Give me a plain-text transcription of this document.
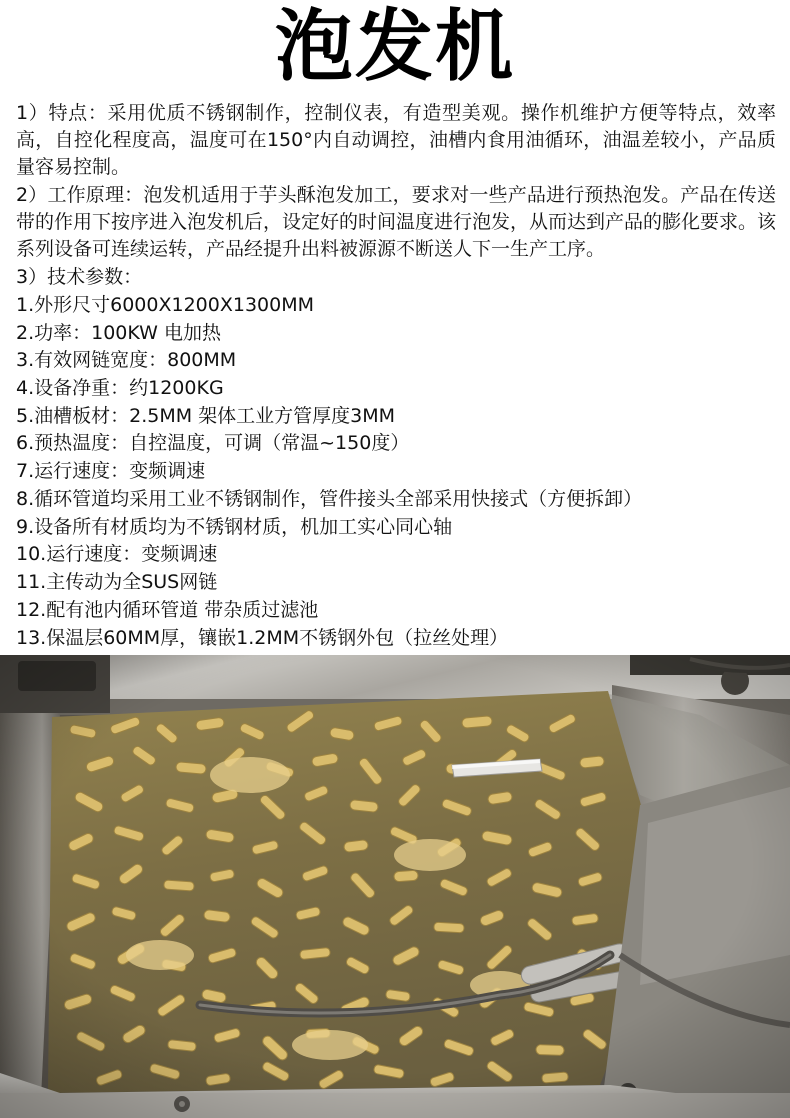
泡发机

1）特点：采用优质不锈钢制作，控制仪表，有造型美观。操作机维护方便等特点，效率高，自控化程度高，温度可在150°内自动调控，油槽内食用油循环，油温差较小，产品质量容易控制。

2）工作原理：泡发机适用于芋头酥泡发加工，要求对一些产品进行预热泡发。产品在传送带的作用下按序进入泡发机后，设定好的时间温度进行泡发，从而达到产品的膨化要求。该系列设备可连续运转，产品经提升出料被源源不断送人下一生产工序。

3）技术参数：

1.外形尺寸6000X1200X1300MM

2.功率：100KW 电加热

3.有效网链宽度：800MM

4.设备净重：约1200KG

5.油槽板材：2.5MM 架体工业方管厚度3MM

6.预热温度：自控温度，可调（常温~150度）

7.运行速度：变频调速

8.循环管道均采用工业不锈钢制作，管件接头全部采用快接式（方便拆卸）

9.设备所有材质均为不锈钢材质，机加工实心同心轴

10.运行速度：变频调速

11.主传动为全SUS网链

12.配有池内循环管道 带杂质过滤池

13.保温层60MM厚，镶嵌1.2MM不锈钢外包（拉丝处理）
